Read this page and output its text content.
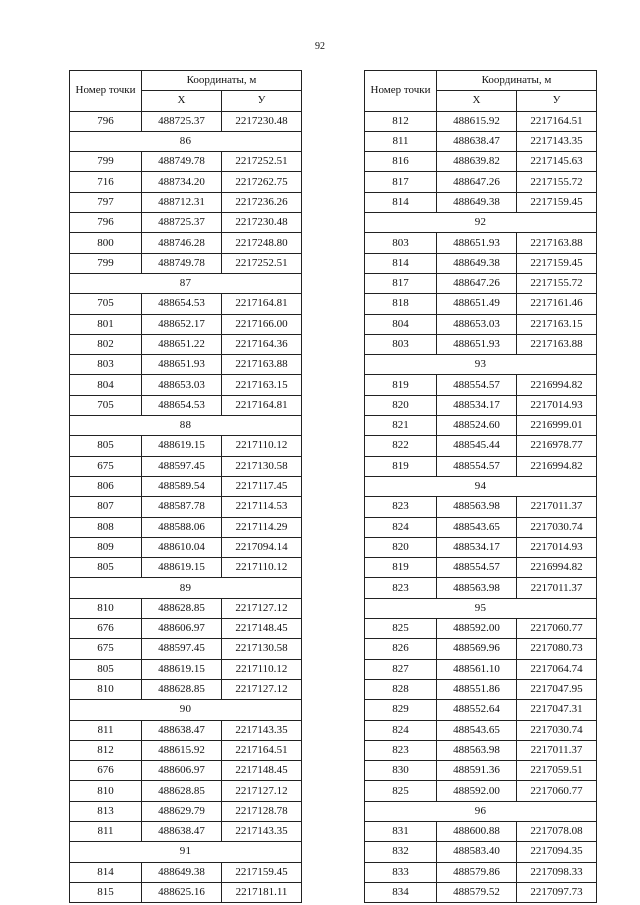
92
Номер точки	Координаты, м	
	X	У
796	488725.37	2217230.48
86		
799	488749.78	2217252.51
716	488734.20	2217262.75
797	488712.31	2217236.26
796	488725.37	2217230.48
800	488746.28	2217248.80
799	488749.78	2217252.51
87		
705	488654.53	2217164.81
801	488652.17	2217166.00
802	488651.22	2217164.36
803	488651.93	2217163.88
804	488653.03	2217163.15
705	488654.53	2217164.81
88		
805	488619.15	2217110.12
675	488597.45	2217130.58
806	488589.54	2217117.45
807	488587.78	2217114.53
808	488588.06	2217114.29
809	488610.04	2217094.14
805	488619.15	2217110.12
89		
810	488628.85	2217127.12
676	488606.97	2217148.45
675	488597.45	2217130.58
805	488619.15	2217110.12
810	488628.85	2217127.12
90		
811	488638.47	2217143.35
812	488615.92	2217164.51
676	488606.97	2217148.45
810	488628.85	2217127.12
813	488629.79	2217128.78
811	488638.47	2217143.35
91		
814	488649.38	2217159.45
815	488625.16	2217181.11
Номер точки	Координаты, м	
	X	У
812	488615.92	2217164.51
811	488638.47	2217143.35
816	488639.82	2217145.63
817	488647.26	2217155.72
814	488649.38	2217159.45
92		
803	488651.93	2217163.88
814	488649.38	2217159.45
817	488647.26	2217155.72
818	488651.49	2217161.46
804	488653.03	2217163.15
803	488651.93	2217163.88
93		
819	488554.57	2216994.82
820	488534.17	2217014.93
821	488524.60	2216999.01
822	488545.44	2216978.77
819	488554.57	2216994.82
94		
823	488563.98	2217011.37
824	488543.65	2217030.74
820	488534.17	2217014.93
819	488554.57	2216994.82
823	488563.98	2217011.37
95		
825	488592.00	2217060.77
826	488569.96	2217080.73
827	488561.10	2217064.74
828	488551.86	2217047.95
829	488552.64	2217047.31
824	488543.65	2217030.74
823	488563.98	2217011.37
830	488591.36	2217059.51
825	488592.00	2217060.77
96		
831	488600.88	2217078.08
832	488583.40	2217094.35
833	488579.86	2217098.33
834	488579.52	2217097.73
